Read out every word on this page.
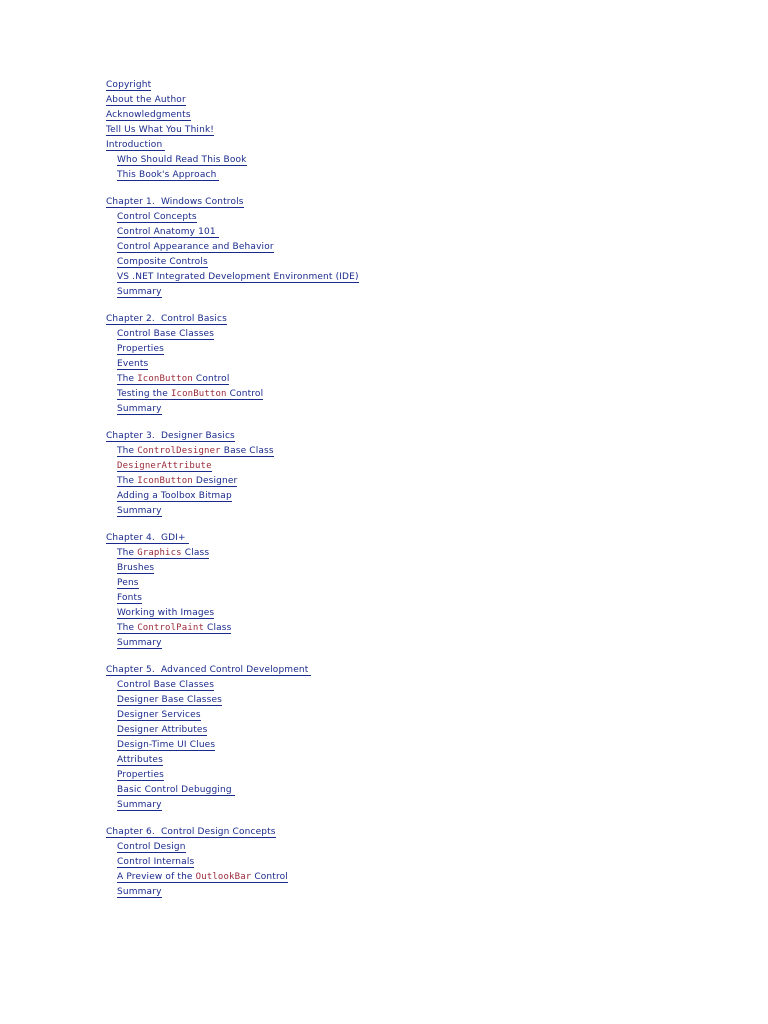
Copyright
About the Author
Acknowledgments
Tell Us What You Think!
Introduction
Who Should Read This Book
This Book's Approach
Chapter 1.  Windows Controls
Control Concepts
Control Anatomy 101
Control Appearance and Behavior
Composite Controls
VS .NET Integrated Development Environment (IDE)
Summary
Chapter 2.  Control Basics
Control Base Classes
Properties
Events
The IconButton Control
Testing the IconButton Control
Summary
Chapter 3.  Designer Basics
The ControlDesigner Base Class
DesignerAttribute
The IconButton Designer
Adding a Toolbox Bitmap
Summary
Chapter 4.  GDI+
The Graphics Class
Brushes
Pens
Fonts
Working with Images
The ControlPaint Class
Summary
Chapter 5.  Advanced Control Development
Control Base Classes
Designer Base Classes
Designer Services
Designer Attributes
Design-Time UI Clues
Attributes
Properties
Basic Control Debugging
Summary
Chapter 6.  Control Design Concepts
Control Design
Control Internals
A Preview of the OutlookBar Control
Summary
